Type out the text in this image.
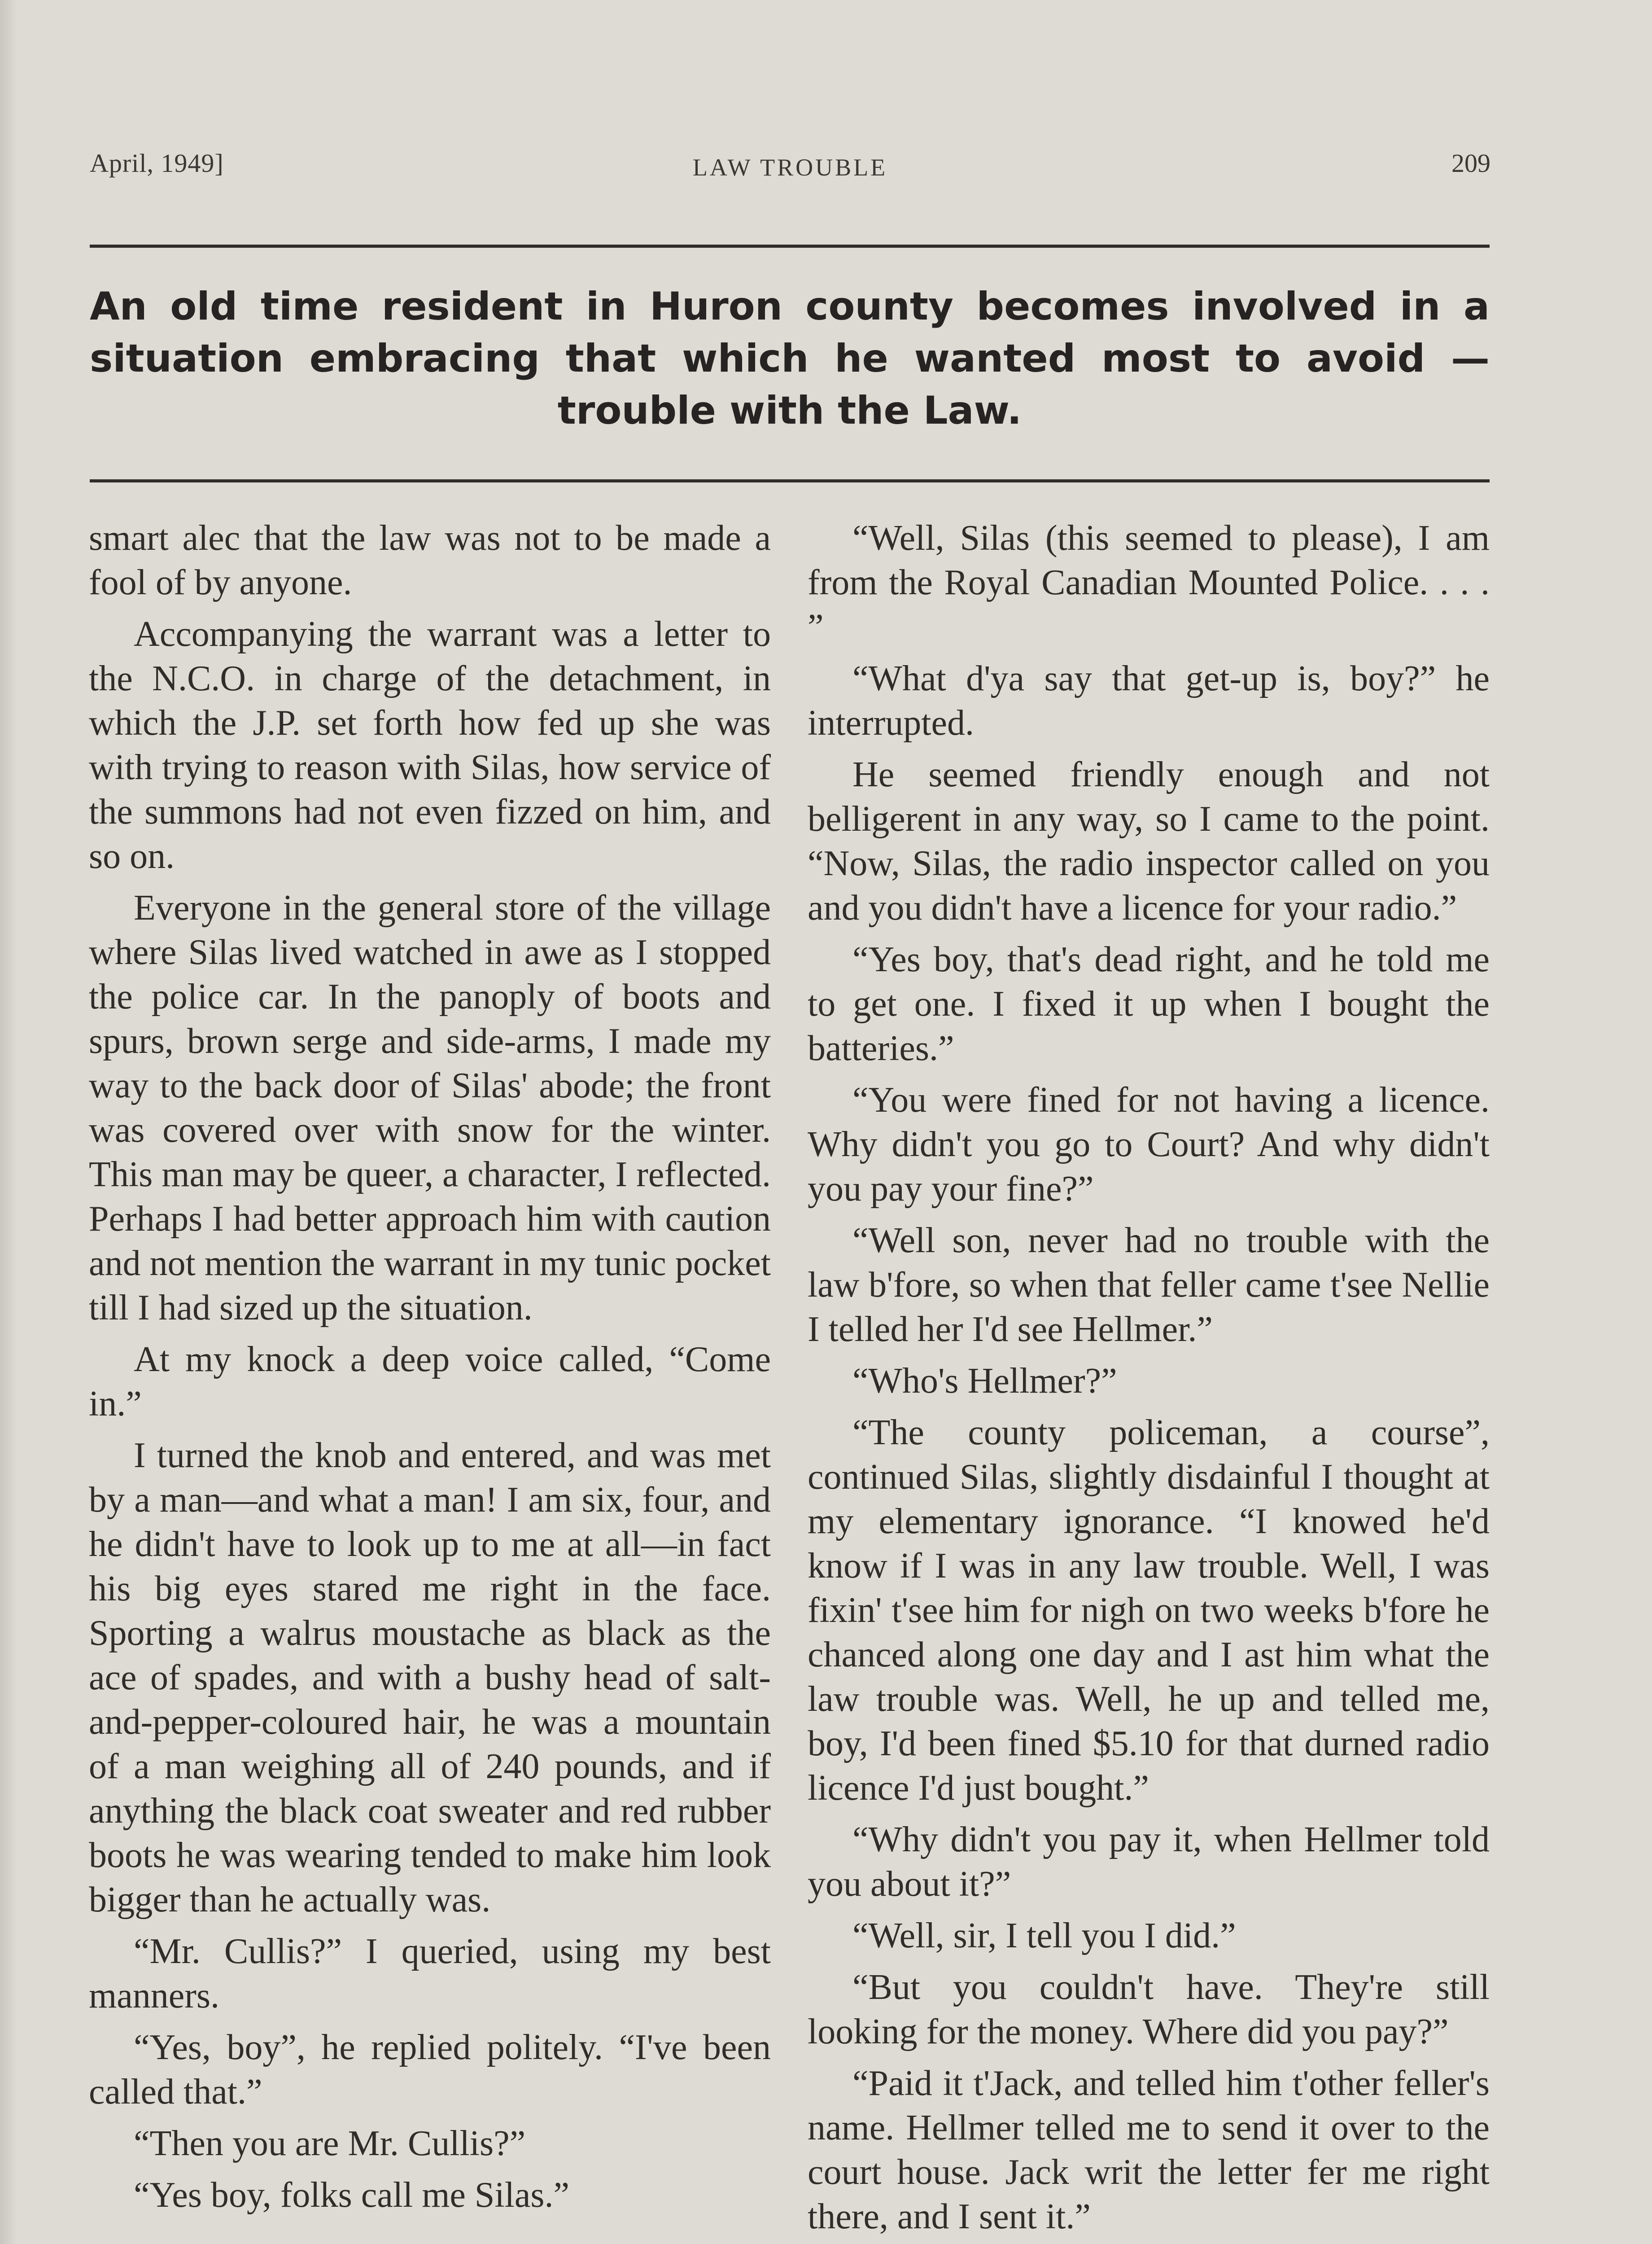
April, 1949]	LAW TROUBLE	209
An old time resident in Huron county becomes involved in a situation embracing that which he wanted most to avoid —trouble with the Law.

smart alec that the law was not to be made a fool of by anyone.

Accompanying the warrant was a letter to the N.C.O. in charge of the detachment, in which the J.P. set forth how fed up she was with trying to reason with Silas, how service of the summons had not even fizzed on him, and so on.

Everyone in the general store of the village where Silas lived watched in awe as I stopped the police car. In the panoply of boots and spurs, brown serge and side-arms, I made my way to the back door of Silas' abode; the front was covered over with snow for the winter. This man may be queer, a character, I reflected. Perhaps I had better approach him with caution and not mention the warrant in my tunic pocket till I had sized up the situation.

At my knock a deep voice called, “Come in.”

I turned the knob and entered, and was met by a man—and what a man! I am six, four, and he didn't have to look up to me at all—in fact his big eyes stared me right in the face. Sporting a walrus moustache as black as the ace of spades, and with a bushy head of salt-and-pepper-coloured hair, he was a mountain of a man weighing all of 240 pounds, and if anything the black coat sweater and red rubber boots he was wearing tended to make him look bigger than he actually was.

“Mr. Cullis?” I queried, using my best manners.

“Yes, boy”, he replied politely. “I've been called that.”

“Then you are Mr. Cullis?”

“Yes boy, folks call me Silas.”

“Well, Silas (this seemed to please), I am from the Royal Canadian Mounted Police. . . . ”

“What d'ya say that get-up is, boy?” he interrupted.

He seemed friendly enough and not belligerent in any way, so I came to the point. “Now, Silas, the radio inspector called on you and you didn't have a licence for your radio.”

“Yes boy, that's dead right, and he told me to get one. I fixed it up when I bought the batteries.”

“You were fined for not having a licence. Why didn't you go to Court? And why didn't you pay your fine?”

“Well son, never had no trouble with the law b'fore, so when that feller came t'see Nellie I telled her I'd see Hellmer.”

“Who's Hellmer?”

“The county policeman, a course”, continued Silas, slightly disdainful I thought at my elementary ignorance. “I knowed he'd know if I was in any law trouble. Well, I was fixin' t'see him for nigh on two weeks b'fore he chanced along one day and I ast him what the law trouble was. Well, he up and telled me, boy, I'd been fined $5.10 for that durned radio licence I'd just bought.”

“Why didn't you pay it, when Hellmer told you about it?”

“Well, sir, I tell you I did.”

“But you couldn't have. They're still looking for the money. Where did you pay?”

“Paid it t'Jack, and telled him t'other feller's name. Hellmer telled me to send it over to the court house. Jack writ the letter fer me right there, and I sent it.”
